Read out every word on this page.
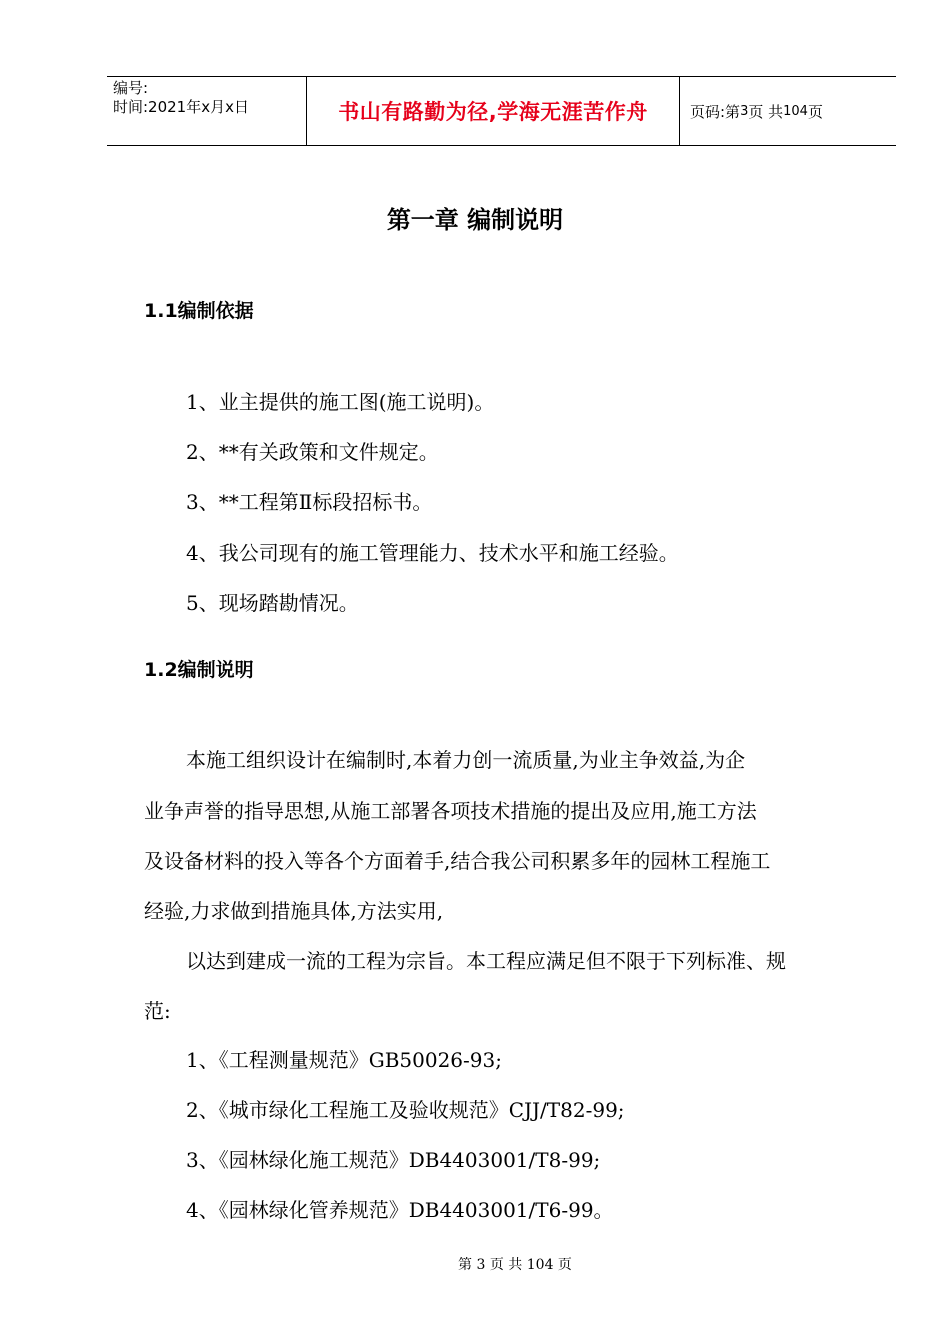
编号:
时间:2021年x月x日	书山有路勤为径,学海无涯苦作舟	页码:第 3 页 共 104 页
第一章 编制说明
1.1编制依据
1、业主提供的施工图(施工说明)。
2、**有关政策和文件规定。
3、**工程第Ⅱ标段招标书。
4、我公司现有的施工管理能力、技术水平和施工经验。
5、现场踏勘情况。
1.2编制说明
本施工组织设计在编制时,本着力创一流质量,为业主争效益,为企
业争声誉的指导思想,从施工部署各项技术措施的提出及应用,施工方法
及设备材料的投入等各个方面着手,结合我公司积累多年的园林工程施工
经验,力求做到措施具体,方法实用,
以达到建成一流的工程为宗旨。本工程应满足但不限于下列标准、规
范:
1、《工程测量规范》GB50026-93;
2、《城市绿化工程施工及验收规范》CJJ/T82-99;
3、《园林绿化施工规范》DB4403001/T8-99;
4、《园林绿化管养规范》DB4403001/T6-99。
第 3 页 共 104 页
